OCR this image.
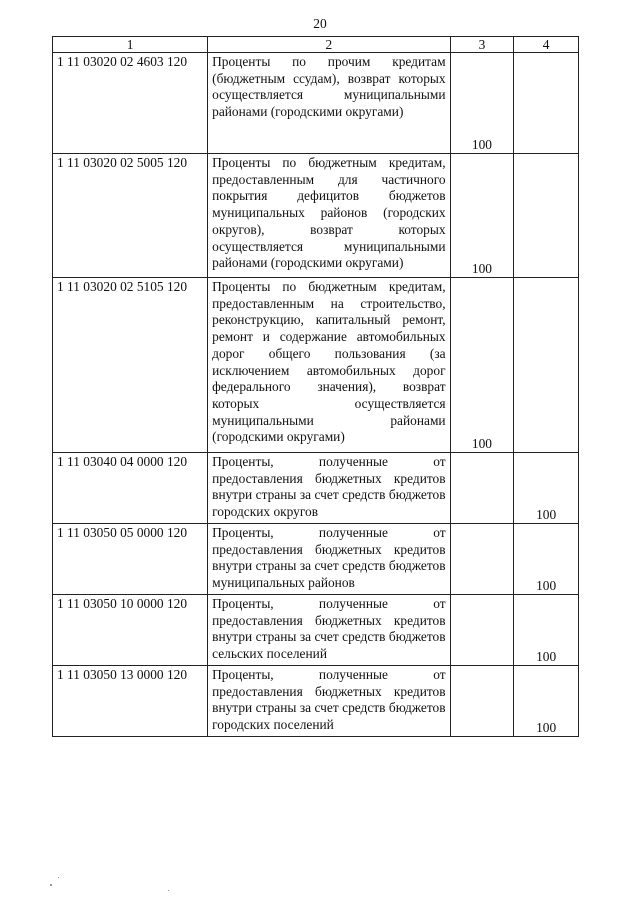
20
1	2	3	4
1 11 03020 02 4603 120	Проценты по прочим кредитам (бюджетным ссудам), возврат которых осуществляется муниципальными районами (городскими округами)	100	
1 11 03020 02 5005 120	Проценты по бюджетным кредитам, предоставленным для частичного покрытия дефицитов бюджетов муниципальных районов (городских округов), возврат которых осуществляется муниципальными районами (городскими округами)	100	
1 11 03020 02 5105 120	Проценты по бюджетным кредитам, предоставленным на строительство, реконструкцию, капитальный ремонт, ремонт и содержание автомобильных дорог общего пользования (за исключением автомобильных дорог федерального значения), возврат которых осуществляется муниципальными районами (городскими округами)	100	
1 11 03040 04 0000 120	Проценты, полученные от предоставления бюджетных кредитов внутри страны за счет средств бюджетов городских округов		100
1 11 03050 05 0000 120	Проценты, полученные от предоставления бюджетных кредитов внутри страны за счет средств бюджетов муниципальных районов		100
1 11 03050 10 0000 120	Проценты, полученные от предоставления бюджетных кредитов внутри страны за счет средств бюджетов сельских поселений		100
1 11 03050 13 0000 120	Проценты, полученные от предоставления бюджетных кредитов внутри страны за счет средств бюджетов городских поселений		100
